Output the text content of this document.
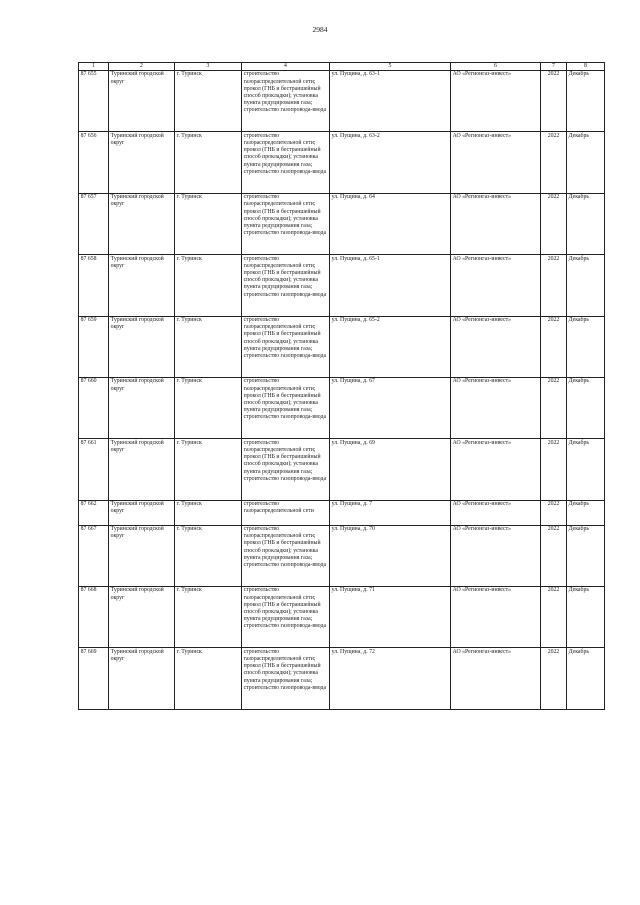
2984
1	2	3	4	5	6	7	8
87 655	Туринский городской округ	г. Туринск	строительство газораспределительной сети; прокол (ГНБ и бестраншейный способ прокладки); установка пункта редуцирования газа; строительство газопровода-ввода	ул. Пущина, д. 63-1	АО «Регионгаз-инвест»	2022	Декабрь
87 656	Туринский городской округ	г. Туринск	строительство газораспределительной сети; прокол (ГНБ и бестраншейный способ прокладки); установка пункта редуцирования газа; строительство газопровода-ввода	ул. Пущина, д. 63-2	АО «Регионгаз-инвест»	2022	Декабрь
87 657	Туринский городской округ	г. Туринск	строительство газораспределительной сети; прокол (ГНБ и бестраншейный способ прокладки); установка пункта редуцирования газа; строительство газопровода-ввода	ул. Пущина, д. 64	АО «Регионгаз-инвест»	2022	Декабрь
87 658	Туринский городской округ	г. Туринск	строительство газораспределительной сети; прокол (ГНБ и бестраншейный способ прокладки); установка пункта редуцирования газа; строительство газопровода-ввода	ул. Пущина, д. 65-1	АО «Регионгаз-инвест»	2022	Декабрь
87 659	Туринский городской округ	г. Туринск	строительство газораспределительной сети; прокол (ГНБ и бестраншейный способ прокладки); установка пункта редуцирования газа; строительство газопровода-ввода	ул. Пущина, д. 65-2	АО «Регионгаз-инвест»	2022	Декабрь
87 660	Туринский городской округ	г. Туринск	строительство газораспределительной сети; прокол (ГНБ и бестраншейный способ прокладки); установка пункта редуцирования газа; строительство газопровода-ввода	ул. Пущина, д. 67	АО «Регионгаз-инвест»	2022	Декабрь
87 661	Туринский городской округ	г. Туринск	строительство газораспределительной сети; прокол (ГНБ и бестраншейный способ прокладки); установка пункта редуцирования газа; строительство газопровода-ввода	ул. Пущина, д. 69	АО «Регионгаз-инвест»	2022	Декабрь
87 662	Туринский городской округ	г. Туринск	строительство газораспределительной сети	ул. Пущина, д. 7	АО «Регионгаз-инвест»	2022	Декабрь
87 667	Туринский городской округ	г. Туринск	строительство газораспределительной сети; прокол (ГНБ и бестраншейный способ прокладки); установка пункта редуцирования газа; строительство газопровода-ввода	ул. Пущина, д. 70	АО «Регионгаз-инвест»	2022	Декабрь
87 668	Туринский городской округ	г. Туринск	строительство газораспределительной сети; прокол (ГНБ и бестраншейный способ прокладки); установка пункта редуцирования газа; строительство газопровода-ввода	ул. Пущина, д. 71	АО «Регионгаз-инвест»	2022	Декабрь
87 669	Туринский городской округ	г. Туринск	строительство газораспределительной сети; прокол (ГНБ и бестраншейный способ прокладки); установка пункта редуцирования газа; строительство газопровода-ввода	ул. Пущина, д. 72	АО «Регионгаз-инвест»	2022	Декабрь
